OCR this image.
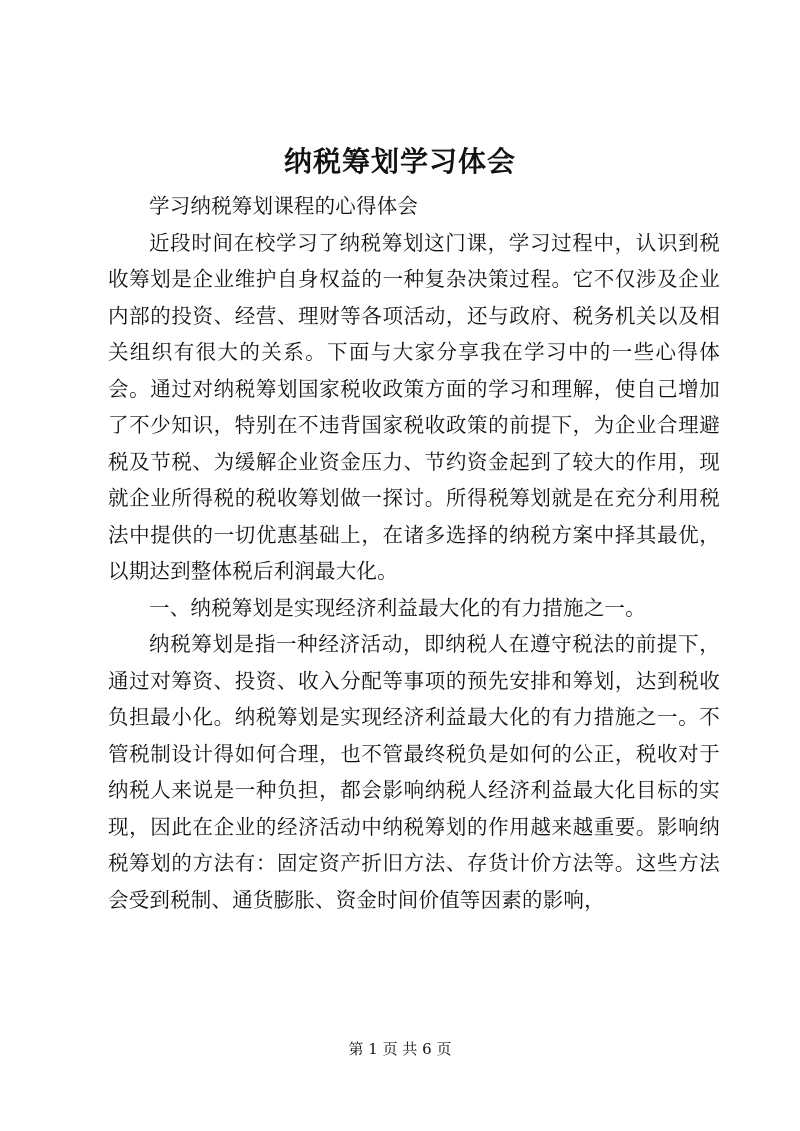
纳税筹划学习体会

学习纳税筹划课程的心得体会

近段时间在校学习了纳税筹划这门课，学习过程中，认识到税收筹划是企业维护自身权益的一种复杂决策过程。它不仅涉及企业内部的投资、经营、理财等各项活动，还与政府、税务机关以及相关组织有很大的关系。下面与大家分享我在学习中的一些心得体会。通过对纳税筹划国家税收政策方面的学习和理解，使自己增加了不少知识，特别在不违背国家税收政策的前提下，为企业合理避税及节税、为缓解企业资金压力、节约资金起到了较大的作用，现就企业所得税的税收筹划做一探讨。所得税筹划就是在充分利用税法中提供的一切优惠基础上，在诸多选择的纳税方案中择其最优，以期达到整体税后利润最大化。

一、纳税筹划是实现经济利益最大化的有力措施之一。

纳税筹划是指一种经济活动，即纳税人在遵守税法的前提下，通过对筹资、投资、收入分配等事项的预先安排和筹划，达到税收负担最小化。纳税筹划是实现经济利益最大化的有力措施之一。不管税制设计得如何合理，也不管最终税负是如何的公正，税收对于纳税人来说是一种负担，都会影响纳税人经济利益最大化目标的实现，因此在企业的经济活动中纳税筹划的作用越来越重要。影响纳税筹划的方法有：固定资产折旧方法、存货计价方法等。这些方法会受到税制、通货膨胀、资金时间价值等因素的影响，

第 1 页 共 6 页
